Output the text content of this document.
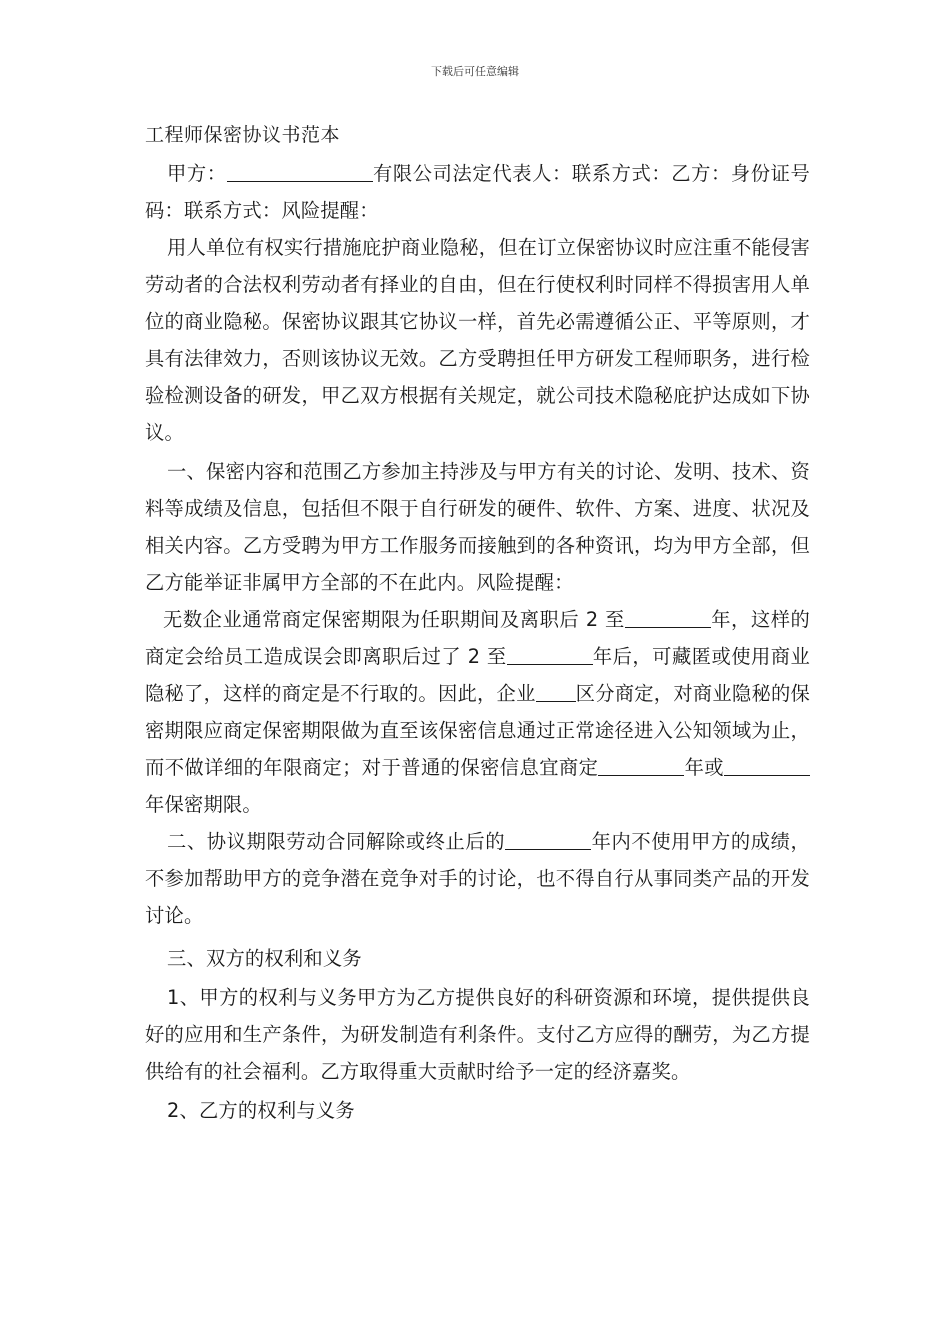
下载后可任意编辑
工程师保密协议书范本

甲方：	有限公司法定代表人：联系方式：乙方：身份证号码：联系方式：风险提醒：

用人单位有权实行措施庇护商业隐秘，但在订立保密协议时应注重不能侵害劳动者的合法权利劳动者有择业的自由，但在行使权利时同样不得损害用人单位的商业隐秘。保密协议跟其它协议一样，首先必需遵循公正、平等原则，才具有法律效力，否则该协议无效。乙方受聘担任甲方研发工程师职务，进行检验检测设备的研发，甲乙双方根据有关规定，就公司技术隐秘庇护达成如下协议。

一、保密内容和范围乙方参加主持涉及与甲方有关的讨论、发明、技术、资料等成绩及信息，包括但不限于自行研发的硬件、软件、方案、进度、状况及相关内容。乙方受聘为甲方工作服务而接触到的各种资讯，均为甲方全部，但乙方能举证非属甲方全部的不在此内。风险提醒：

无数企业通常商定保密期限为任职期间及离职后 2 至	年，这样的商定会给员工造成误会即离职后过了 2 至	年后，可藏匿或使用商业隐秘了，这样的商定是不行取的。因此，企业 区分商定，对商业隐秘的保密期限应商定保密期限做为直至该保密信息通过正常途径进入公知领域为止，而不做详细的年限商定；对于普通的保密信息宜商定	年或年保密期限。

二、协议期限劳动合同解除或终止后的	年内不使用甲方的成绩，不参加帮助甲方的竞争潜在竞争对手的讨论，也不得自行从事同类产品的开发讨论。

三、双方的权利和义务

1、甲方的权利与义务甲方为乙方提供良好的科研资源和环境，提供提供良好的应用和生产条件，为研发制造有利条件。支付乙方应得的酬劳，为乙方提供给有的社会福利。乙方取得重大贡献时给予一定的经济嘉奖。

2、乙方的权利与义务
